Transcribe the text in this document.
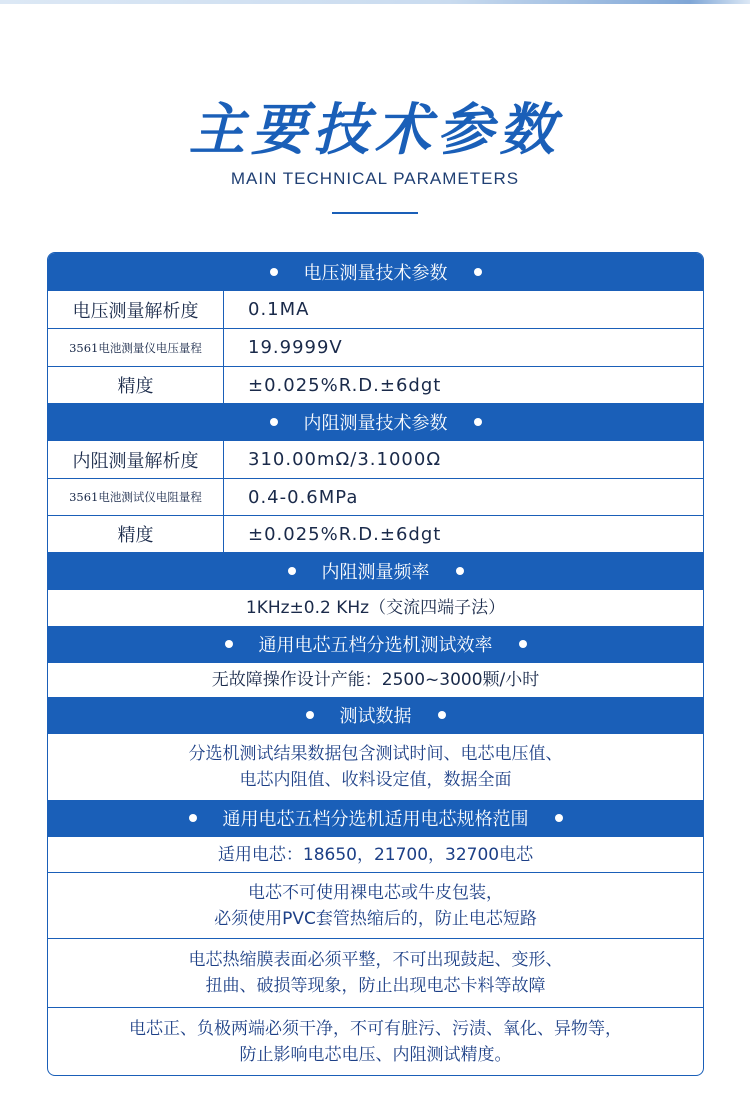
主要技术参数
MAIN TECHNICAL PARAMETERS
电压测量技术参数
电压测量解析度	0.1MA
3561电池测量仪电压量程	19.9999V
精度	±0.025%R.D.±6dgt
内阻测量技术参数
内阻测量解析度	310.00mΩ/3.1000Ω
3561电池测试仪电阻量程	0.4-0.6MPa
精度	±0.025%R.D.±6dgt
内阻测量频率
1KHz±0.2 KHz（交流四端子法）
通用电芯五档分选机测试效率
无故障操作设计产能：2500~3000颗/小时
测试数据
分选机测试结果数据包含测试时间、电芯电压值、
电芯内阻值、收料设定值，数据全面
通用电芯五档分选机适用电芯规格范围
适用电芯：18650，21700，32700电芯
电芯不可使用裸电芯或牛皮包装，
必须使用PVC套管热缩后的，防止电芯短路
电芯热缩膜表面必须平整，不可出现鼓起、变形、
扭曲、破损等现象，防止出现电芯卡料等故障
电芯正、负极两端必须干净，不可有脏污、污渍、氧化、异物等，
防止影响电芯电压、内阻测试精度。
